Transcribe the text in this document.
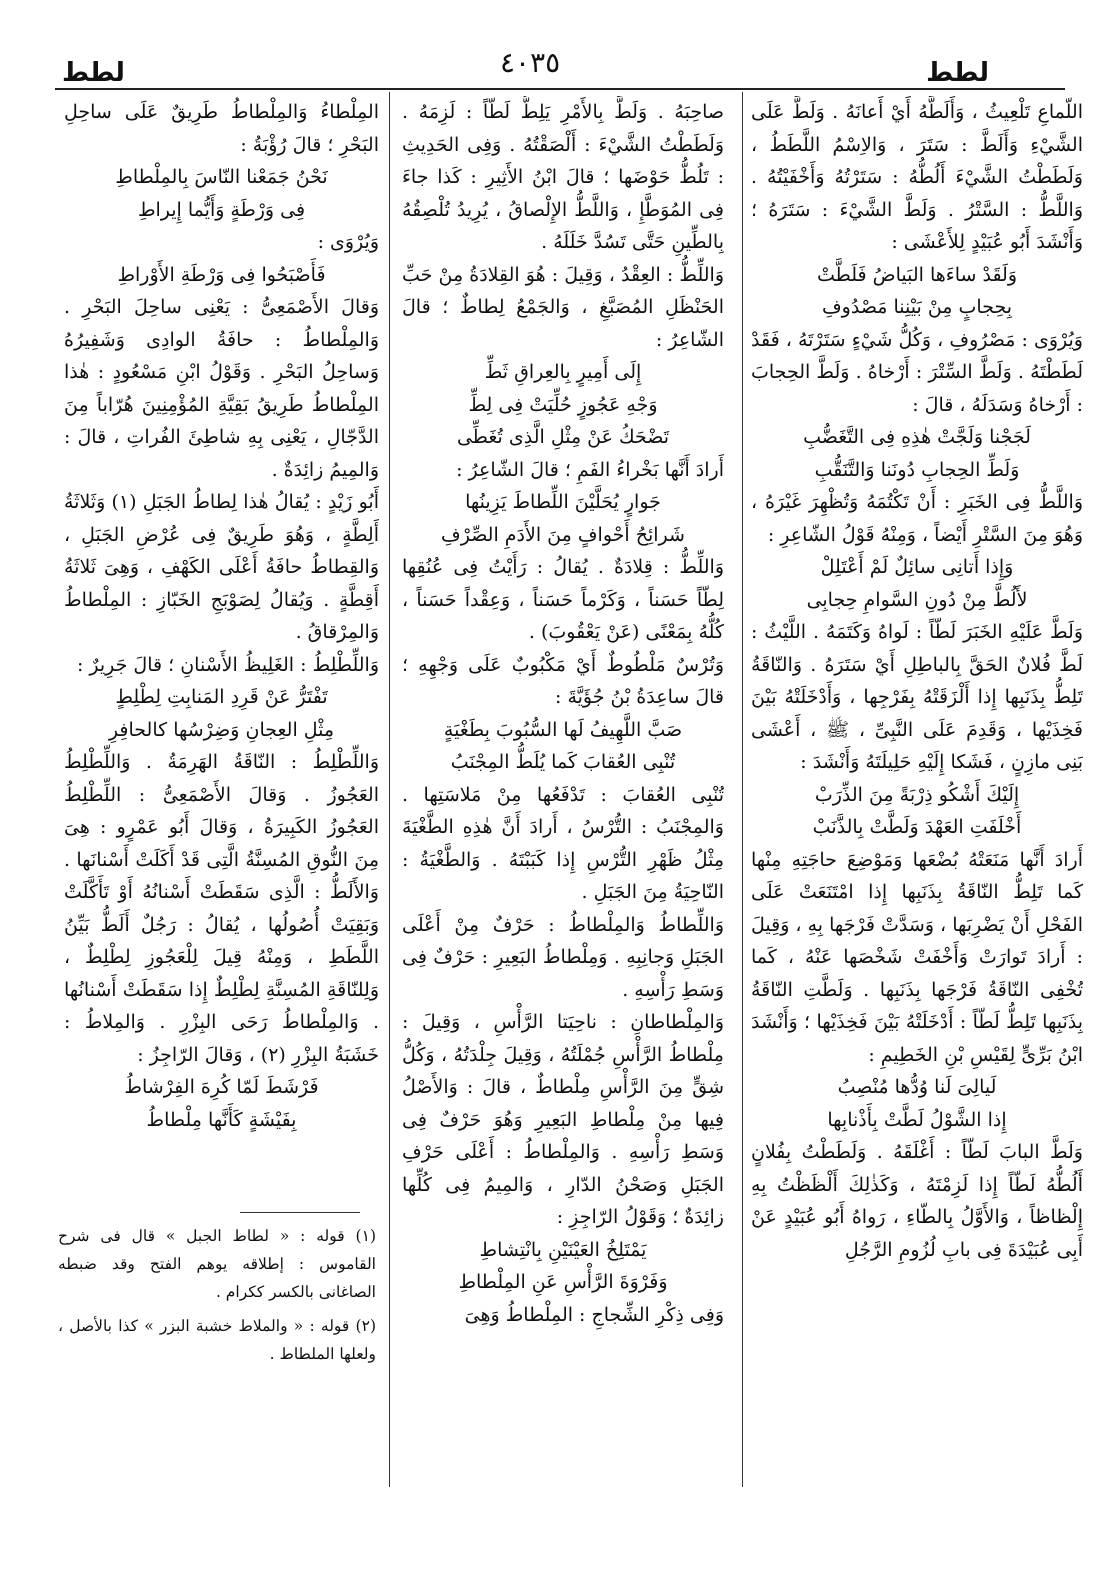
لطط
٤٠٣٥
لطط

اللّماعِ تَلْعِيثُ ، وَأَلَطَّهُ أَيْ أَعانَهُ . وَلَطَّ عَلَى الشَّيْءِ وَأَلَطَّ : سَتَرَ ، وَالاِسْمُ اللَّطَطُ ، وَلَطَطْتُ الشَّيْءَ أَلُطُّهُ : سَتَرْتُهُ وَأَخْفَيْتُهُ . وَاللَّطُّ : السَّتْرُ . وَلَطَّ الشَّيْءَ : سَتَرَهُ ؛ وَأَنْشَدَ أَبُو عُبَيْدٍ لِلأَعْشَى :

وَلَقَدْ ساءَها البَياضُ فَلَطَّتْ

بِحِجابٍ مِنْ بَيْنِنا مَصْدُوفِ

وَيُرْوَى : مَصْرُوفِ ، وَكُلُّ شَيْءٍ سَتَرْتَهُ ، فَقَدْ لَطَطْتَهُ . وَلَطَّ السِّتْرَ : أَرْخاهُ . وَلَطَّ الحِجابَ : أَرْخاهُ وَسَدَلَهُ ، قالَ :

لَجَجْنا وَلَجَّتْ هٰذِهِ فِى التَّغَضُّبِ

وَلَطِّ الحِجابِ دُونَنا وَالتَّنَقُّبِ

وَاللَّطُّ فِى الخَبَرِ : أَنْ تَكْتُمَهُ وَتُظْهِرَ غَيْرَهُ ، وَهُوَ مِنَ السَّتْرِ أَيْضاً ، وَمِنْهُ قَوْلُ الشّاعِرِ :

وَإِذا أَتانِى سائِلٌ لَمْ أَعْتَلِلْ

لأَلُطَّ مِنْ دُونِ السَّوامِ حِجابِى

وَلَطَّ عَلَيْهِ الخَبَرَ لَطّاً : لَواهُ وَكَتَمَهُ . اللَّيْثُ : لَطَّ فُلانٌ الحَقَّ بِالباطِلِ أَيْ سَتَرَهُ . وَالنّاقَةُ تَلِطُّ بِذَنَبِها إِذا أَلْزَقَتْهُ بِفَرْجِها ، وَأَدْخَلَتْهُ بَيْنَ فَخِذَيْها ، وَقَدِمَ عَلَى النَّبِىِّ ، ﷺ ، أَعْشَى بَنِى مازِنٍ ، فَشَكا إِلَيْهِ حَلِيلَتَهُ وَأَنْشَدَ :

إِلَيْكَ أَشْكُو ذِرْبَةً مِنَ الذِّرَبْ

أَخْلَفَتِ العَهْدَ وَلَطَّتْ بِالذَّنَبْ

أَرادَ أَنَّها مَنَعَتْهُ بُضْعَها وَمَوْضِعَ حاجَتِهِ مِنْها كَما تَلِطُّ النّاقَةُ بِذَنَبِها إِذا امْتَنَعَتْ عَلَى الفَحْلِ أَنْ يَضْرِبَها ، وَسَدَّتْ فَرْجَها بِهِ ، وَقِيلَ : أَرادَ تَوارَتْ وَأَخْفَتْ شَخْصَها عَنْهُ ، كَما تُخْفِى النّاقَةُ فَرْجَها بِذَنَبِها . وَلَطَّتِ النّاقَةُ بِذَنَبِها تَلِطُّ لَطّاً : أَدْخَلَتْهُ بَيْنَ فَخِذَيْها ؛ وَأَنْشَدَ ابْنُ بَرِّىٍّ لِقَيْسِ بْنِ الخَطِيمِ :

لَيالِىَ لَنا وُدُّها مُنْصِبُ

إِذا الشَّوْلُ لَطَّتْ بِأَذْنابِها

وَلَطَّ البابَ لَطّاً : أَغْلَقَهُ . وَلَطَطْتُ بِفُلانٍ أَلُطُّهُ لَطّاً إِذا لَزِمْتَهُ ، وَكَذٰلِكَ أَلْظَظْتُ بِهِ إِلْظاظاً ، وَالأَوَّلُ بِالطّاءِ ، رَواهُ أَبُو عُبَيْدٍ عَنْ أَبِى عُبَيْدَةَ فِى بابِ لُزُومِ الرَّجُلِ

صاحِبَهُ . وَلَطَّ بِالأَمْرِ يَلِطُّ لَطّاً : لَزِمَهُ . وَلَطَطْتُ الشَّيْءَ : أَلْصَقْتُهُ . وَفِى الحَدِيثِ : تَلُطُّ حَوْضَها ؛ قالَ ابْنُ الأَثِيرِ : كَذا جاءَ فِى المُوَطَّإِ ، وَاللَّطُّ الإِلْصاقُ ، يُرِيدُ تُلْصِقُهُ بِالطِّينِ حَتَّى تَسُدَّ خَلَلَهُ .

وَاللِّطُّ : العِقْدُ ، وَقِيلَ : هُوَ القِلادَةُ مِنْ حَبِّ الحَنْظَلِ المُصَبَّغِ ، وَالجَمْعُ لِطاطٌ ؛ قالَ الشّاعِرُ :

إِلَى أَمِيرٍ بِالعِراقِ ثَطِّ

وَجْهِ عَجُوزٍ حُلِّيَتْ فِى لِطِّ

تَضْحَكُ عَنْ مِثْلِ الَّذِى تُغَطِّى

أَرادَ أَنَّها بَخْراءُ الفَمِ ؛ قالَ الشّاعِرُ :

جَوارٍ يُحَلَّيْنَ اللِّطاطَ يَزِينُها

شَرائِحُ أَحْوافٍ مِنَ الأَدَمِ الصِّرْفِ

وَاللِّطُّ : قِلادَةٌ . يُقالُ : رَأَيْتُ فِى عُنُقِها لِطّاً حَسَناً ، وَكَرْماً حَسَناً ، وَعِقْداً حَسَناً ، كُلُّهُ بِمَعْنًى (عَنْ يَعْقُوبَ) .

وَتُرْسٌ مَلْطُوطٌ أَيْ مَكْبُوبٌ عَلَى وَجْهِهِ ؛ قالَ ساعِدَةُ بْنُ جُؤَيَّةَ :

صَبَّ اللَّهِيفُ لَها السُّبُوبَ بِطَغْيَةٍ

تُنْبِى العُقابَ كَما يُلَطُّ المِجْنَبُ

تُنْبِى العُقابَ : تَدْفَعُها مِنْ مَلاسَتِها . وَالمِجْنَبُ : التُّرْسُ ، أَرادَ أَنَّ هٰذِهِ الطَّغْيَةَ مِثْلُ ظَهْرِ التُّرْسِ إِذا كَبَبْتَهُ . وَالطَّغْيَةُ : النّاحِيَةُ مِنَ الجَبَلِ .

وَاللِّطاطُ وَالمِلْطاطُ : حَرْفٌ مِنْ أَعْلَى الجَبَلِ وَجانِبِهِ . وَمِلْطاطُ البَعِيرِ : حَرْفٌ فِى وَسَطِ رَأْسِهِ .

وَالمِلْطاطانِ : ناحِيَتا الرَّأْسِ ، وَقِيلَ : مِلْطاطُ الرَّأْسِ جُمْلَتُهُ ، وَقِيلَ جِلْدَتُهُ ، وَكُلُّ شِقٍّ مِنَ الرَّأْسِ مِلْطاطٌ ، قالَ : وَالأَصْلُ فِيها مِنْ مِلْطاطِ البَعِيرِ وَهُوَ حَرْفٌ فِى وَسَطِ رَأْسِهِ . وَالمِلْطاطُ : أَعْلَى حَرْفِ الجَبَلِ وَصَحْنُ الدّارِ ، وَالمِيمُ فِى كُلِّها زائِدَةٌ ؛ وَقَوْلُ الرّاجِزِ :

يَمْتَلِخُ العَيْنَيْنِ بِانْتِشاطِ

وَفَرْوَةَ الرَّأْسِ عَنِ المِلْطاطِ

وَفِى ذِكْرِ الشِّجاجِ : المِلْطاطُ وَهِىَ

المِلْطاءُ وَالمِلْطاطُ طَرِيقٌ عَلَى ساحِلِ البَحْرِ ؛ قالَ رُؤْبَةُ :

نَحْنُ جَمَعْنا النّاسَ بِالمِلْطاطِ

فِى وَرْطَةٍ وَأَيُّما إِيراطِ

وَيُرْوَى :

فَأَصْبَحُوا فِى وَرْطَةِ الأَوْراطِ

وَقالَ الأَصْمَعِىُّ : يَعْنِى ساحِلَ البَحْرِ . وَالمِلْطاطُ : حافَةُ الوادِى وَشَفِيرُهُ وَساحِلُ البَحْرِ . وَقَوْلُ ابْنِ مَسْعُودٍ : هٰذا المِلْطاطُ طَرِيقُ بَقِيَّةِ المُؤْمِنِينَ هُرّاباً مِنَ الدَّجّالِ ، يَعْنِى بِهِ شاطِئَ الفُراتِ ، قالَ : وَالمِيمُ زائِدَةٌ .

أَبُو زَيْدٍ : يُقالُ هٰذا لِطاطُ الجَبَلِ (١) وَثَلاثَةُ أَلِطَّةٍ ، وَهُوَ طَرِيقٌ فِى عُرْضِ الجَبَلِ ، وَالقِطاطُ حافَةُ أَعْلَى الكَهْفِ ، وَهِىَ ثَلاثَةُ أَقِطَّةٍ . وَيُقالُ لِصَوْبَجِ الخَبّازِ : المِلْطاطُ وَالمِرْقاقُ .

وَاللِّطْلِطُ : الغَلِيظُ الأَسْنانِ ؛ قالَ جَرِيرٌ :

تَفْتَرُّ عَنْ قَرِدِ المَنابِتِ لِطْلِطٍ

مِثْلِ العِجانِ وَضِرْسُها كالحافِرِ

وَاللِّطْلِطُ : النّاقَةُ الهَرِمَةُ . وَاللِّطْلِطُ العَجُوزُ . وَقالَ الأَصْمَعِىُّ : اللِّطْلِطُ العَجُوزُ الكَبِيرَةُ ، وَقالَ أَبُو عَمْرٍو : هِىَ مِنَ النُّوقِ المُسِنَّةُ الَّتِى قَدْ أَكَلَتْ أَسْنانَها . وَالأَلَطُّ : الَّذِى سَقَطَتْ أَسْنانُهُ أَوْ تَأَكَّلَتْ وَبَقِيَتْ أُصُولُها ، يُقالُ : رَجُلٌ أَلَطُّ بَيِّنُ اللَّطَطِ ، وَمِنْهُ قِيلَ لِلْعَجُوزِ لِطْلِطٌ ، وَلِلنّاقَةِ المُسِنَّةِ لِطْلِطٌ إِذا سَقَطَتْ أَسْنانُها . وَالمِلْطاطُ رَحَى البِزْرِ . وَالمِلاطُ : خَشَبَةُ البِزْرِ (٢) ، وَقالَ الرّاجِزُ :

فَرْشَطَ لَمّا كُرِهَ الفِرْشاطُ

بِفَيْشَةٍ كَأَنَّها مِلْطاطُ

(١) قوله : « لطاط الجبل » قال فى شرح القاموس : إطلاقه يوهم الفتح وقد ضبطه الصاغانى بالكسر ككرام .

(٢) قوله : « والملاط خشبة البزر » كذا بالأصل ، ولعلها الملطاط .
